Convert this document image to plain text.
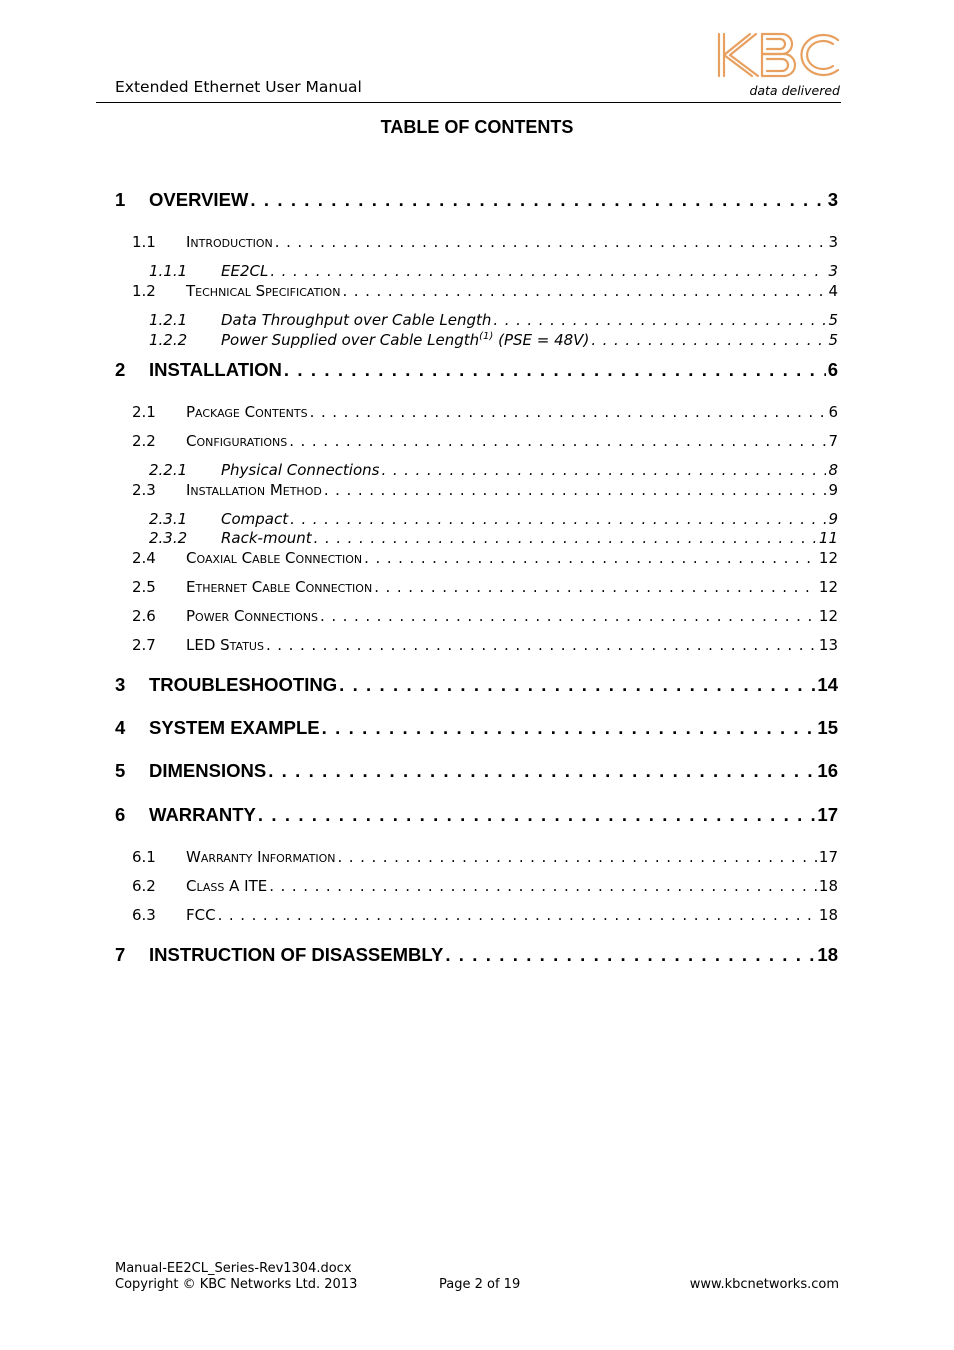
Extended Ethernet User Manual	data delivered
TABLE OF CONTENTS
1	OVERVIEW . . .	3
1.1	Introduction . . .	3
1.1.1	EE2CL . . .	3
1.2	Technical Specification . . .	4
1.2.1	Data Throughput over Cable Length . . .	5
1.2.2	Power Supplied over Cable Length$^{(1)}$ (PSE = 48V) . . .	5
2	INSTALLATION . . .	6
2.1	Package Contents . . .	6
2.2	Configurations . . .	7
2.2.1	Physical Connections . . .	8
2.3	Installation Method . . .	9
2.3.1	Compact . . .	9
2.3.2	Rack-mount . . .	11
2.4	Coaxial Cable Connection . . .	12
2.5	Ethernet Cable Connection . . .	12
2.6	Power Connections . . .	12
2.7	LED Status . . .	13
3	TROUBLESHOOTING . . .	14
4	SYSTEM EXAMPLE . . .	15
5	DIMENSIONS . . .	16
6	WARRANTY . . .	17
6.1	Warranty Information . . .	17
6.2	Class A ITE . . .	18
6.3	FCC . . .	18
7	INSTRUCTION OF DISASSEMBLY . . .	18
Manual-EE2CL_Series-Rev1304.docx
Copyright © KBC Networks Ltd. 2013	Page 2 of 19	www.kbcnetworks.com
